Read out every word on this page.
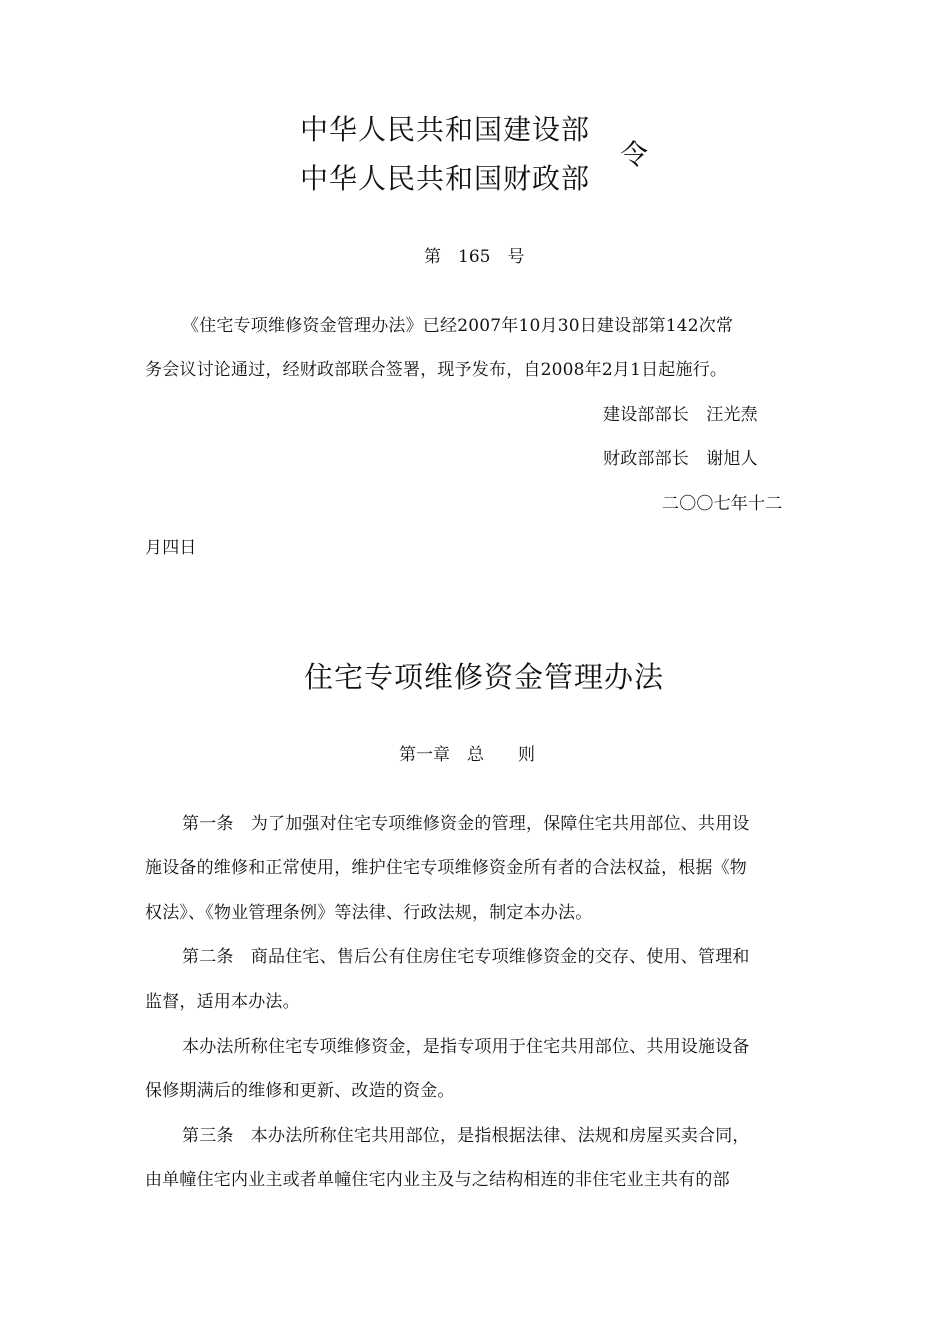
中华人民共和国建设部
中华人民共和国财政部
令
第　165　号
《住宅专项维修资金管理办法》已经2007年10月30日建设部第142次常
务会议讨论通过，经财政部联合签署，现予发布，自2008年2月1日起施行。
建设部部长　汪光焘
财政部部长　谢旭人
二〇〇七年十二
月四日
住宅专项维修资金管理办法
第一章　总　　则
第一条　为了加强对住宅专项维修资金的管理，保障住宅共用部位、共用设
施设备的维修和正常使用，维护住宅专项维修资金所有者的合法权益，根据《物
权法》、《物业管理条例》等法律、行政法规，制定本办法。
第二条　商品住宅、售后公有住房住宅专项维修资金的交存、使用、管理和
监督，适用本办法。
本办法所称住宅专项维修资金，是指专项用于住宅共用部位、共用设施设备
保修期满后的维修和更新、改造的资金。
第三条　本办法所称住宅共用部位，是指根据法律、法规和房屋买卖合同，
由单幢住宅内业主或者单幢住宅内业主及与之结构相连的非住宅业主共有的部
